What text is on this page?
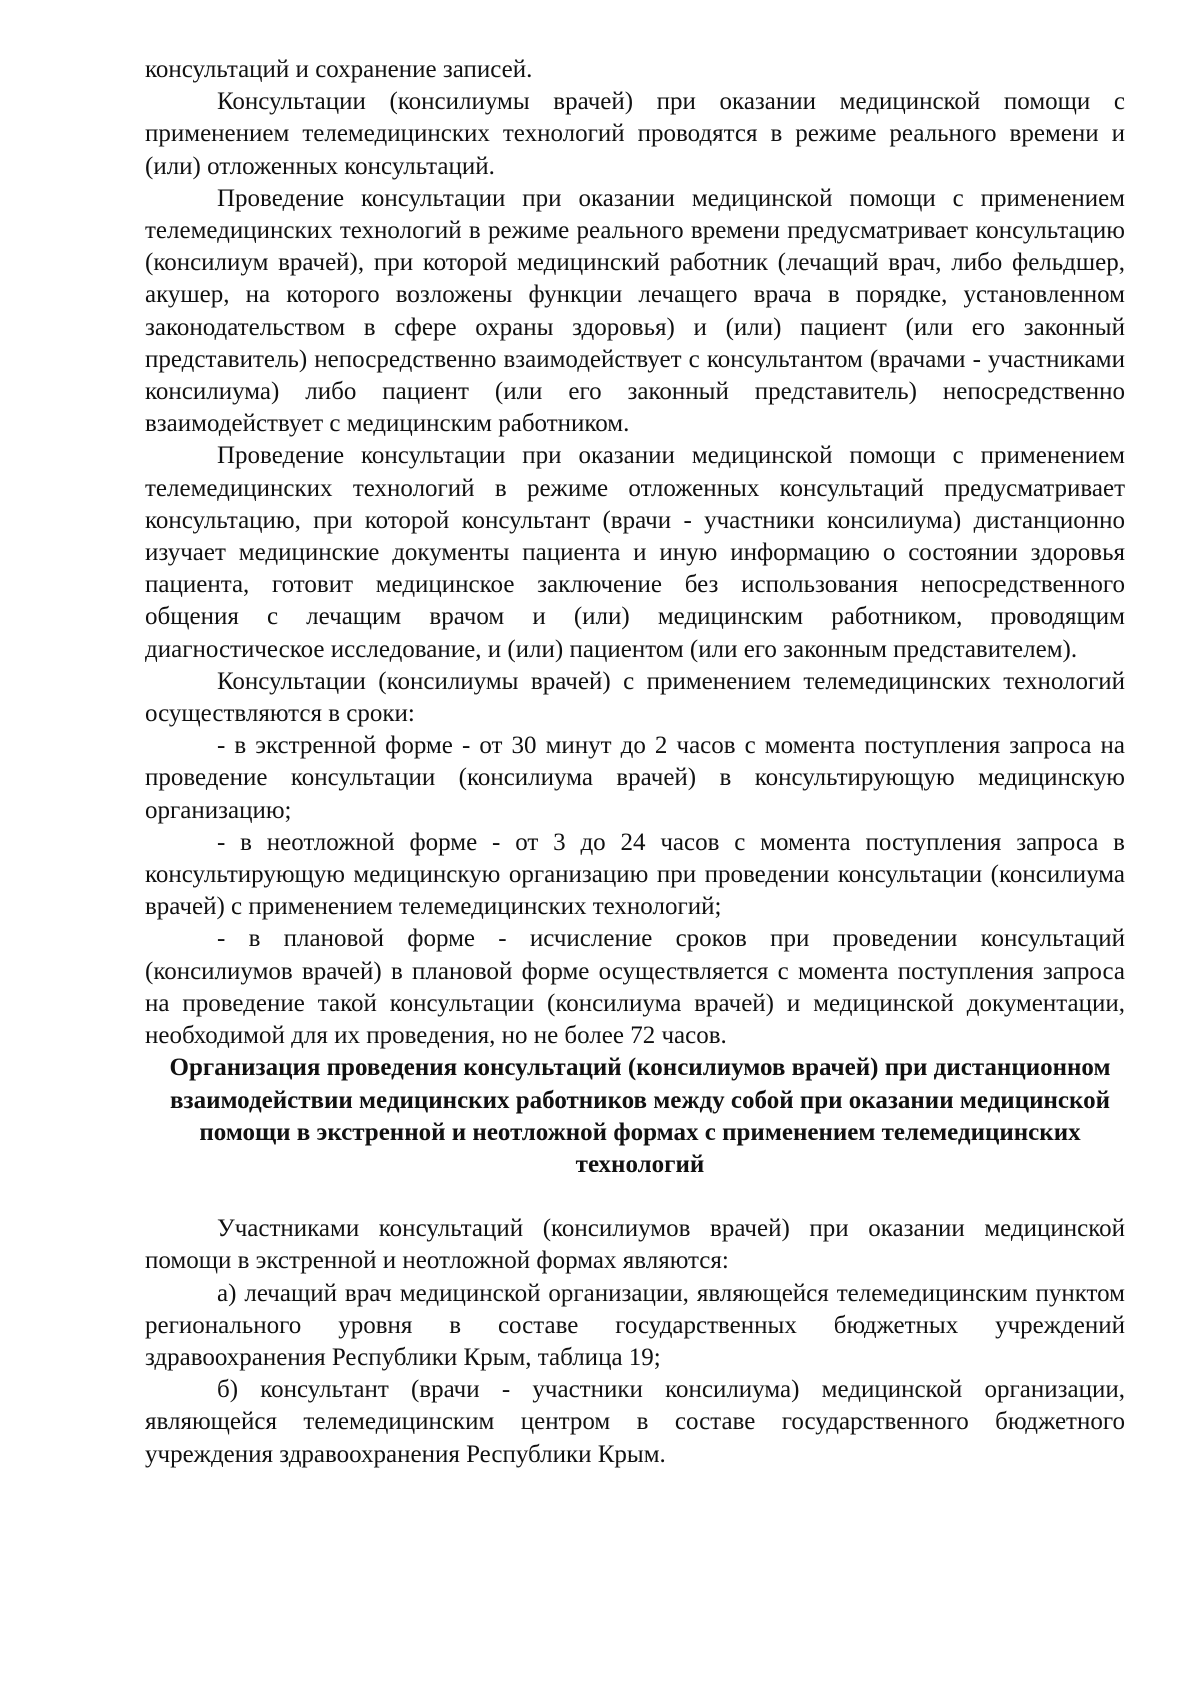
консультаций и сохранение записей.

Консультации (консилиумы врачей) при оказании медицинской помощи с применением телемедицинских технологий проводятся в режиме реального времени и (или) отложенных консультаций.

Проведение консультации при оказании медицинской помощи с применением телемедицинских технологий в режиме реального времени предусматривает консультацию (консилиум врачей), при которой медицинский работник (лечащий врач, либо фельдшер, акушер, на которого возложены функции лечащего врача в порядке, установленном законодательством в сфере охраны здоровья) и (или) пациент (или его законный представитель) непосредственно взаимодействует с консультантом (врачами - участниками консилиума) либо пациент (или его законный представитель) непосредственно взаимодействует с медицинским работником.

Проведение консультации при оказании медицинской помощи с применением телемедицинских технологий в режиме отложенных консультаций предусматривает консультацию, при которой консультант (врачи - участники консилиума) дистанционно изучает медицинские документы пациента и иную информацию о состоянии здоровья пациента, готовит медицинское заключение без использования непосредственного общения с лечащим врачом и (или) медицинским работником, проводящим диагностическое исследование, и (или) пациентом (или его законным представителем).

Консультации (консилиумы врачей) с применением телемедицинских технологий осуществляются в сроки:

- в экстренной форме - от 30 минут до 2 часов с момента поступления запроса на проведение консультации (консилиума врачей) в консультирующую медицинскую организацию;

- в неотложной форме - от 3 до 24 часов с момента поступления запроса в консультирующую медицинскую организацию при проведении консультации (консилиума врачей) с применением телемедицинских технологий;

- в плановой форме - исчисление сроков при проведении консультаций (консилиумов врачей) в плановой форме осуществляется с момента поступления запроса на проведение такой консультации (консилиума врачей) и медицинской документации, необходимой для их проведения, но не более 72 часов.

Организация проведения консультаций (консилиумов врачей) при дистанционном взаимодействии медицинских работников между собой при оказании медицинской помощи в экстренной и неотложной формах с применением телемедицинских технологий

Участниками консультаций (консилиумов врачей) при оказании медицинской помощи в экстренной и неотложной формах являются:

а) лечащий врач медицинской организации, являющейся телемедицинским пунктом регионального уровня в составе государственных бюджетных учреждений здравоохранения Республики Крым, таблица 19;

б) консультант (врачи - участники консилиума) медицинской организации, являющейся телемедицинским центром в составе государственного бюджетного учреждения здравоохранения Республики Крым.
